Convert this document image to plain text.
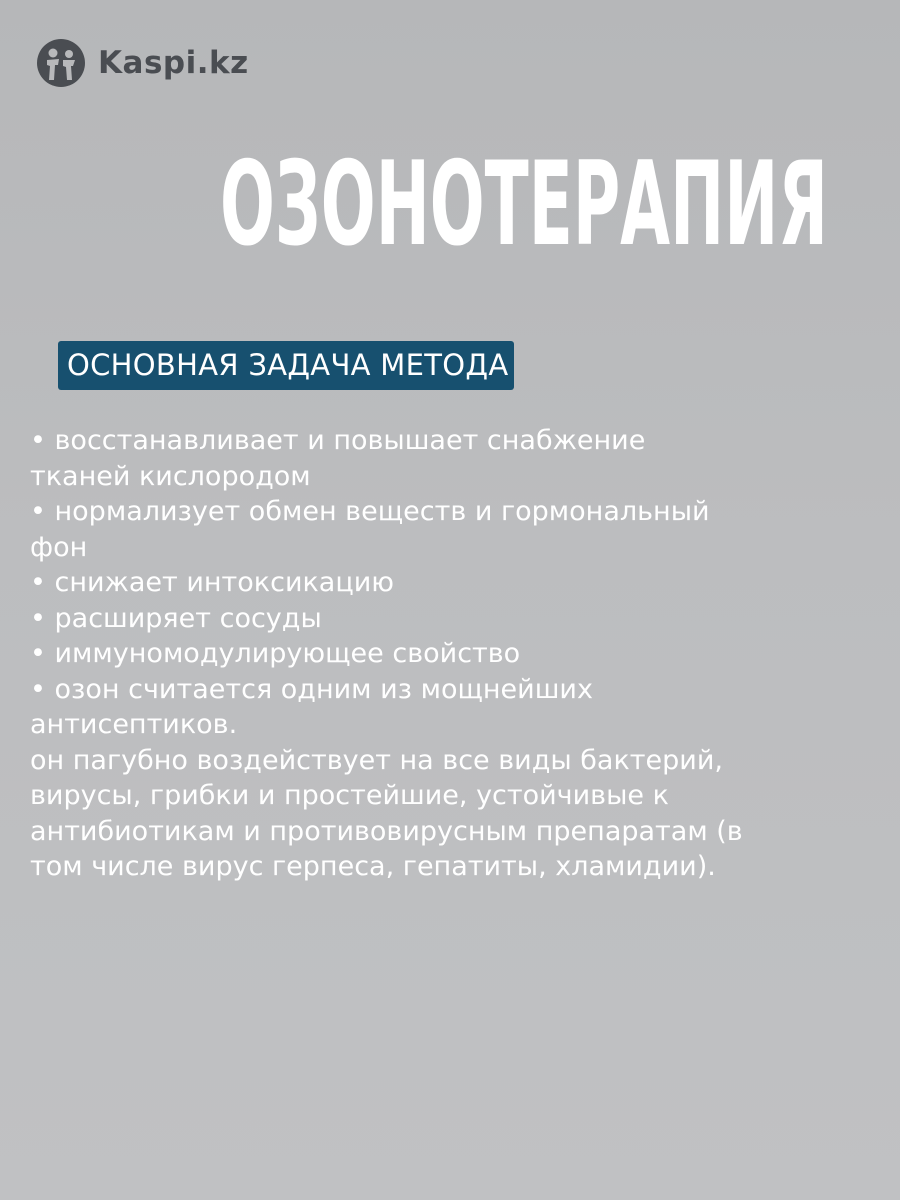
Kaspi.kz
ОЗОНОТЕРАПИЯ
ОСНОВНАЯ ЗАДАЧА МЕТОДА
• восстанавливает и повышает снабжение
тканей кислородом
• нормализует обмен веществ и гормональный
фон
• снижает интоксикацию
• расширяет сосуды
• иммуномодулирующее свойство
• озон считается одним из мощнейших
антисептиков.
он пагубно воздействует на все виды бактерий,
вирусы, грибки и простейшие, устойчивые к
антибиотикам и противовирусным препаратам (в
том числе вирус герпеса, гепатиты, хламидии).
